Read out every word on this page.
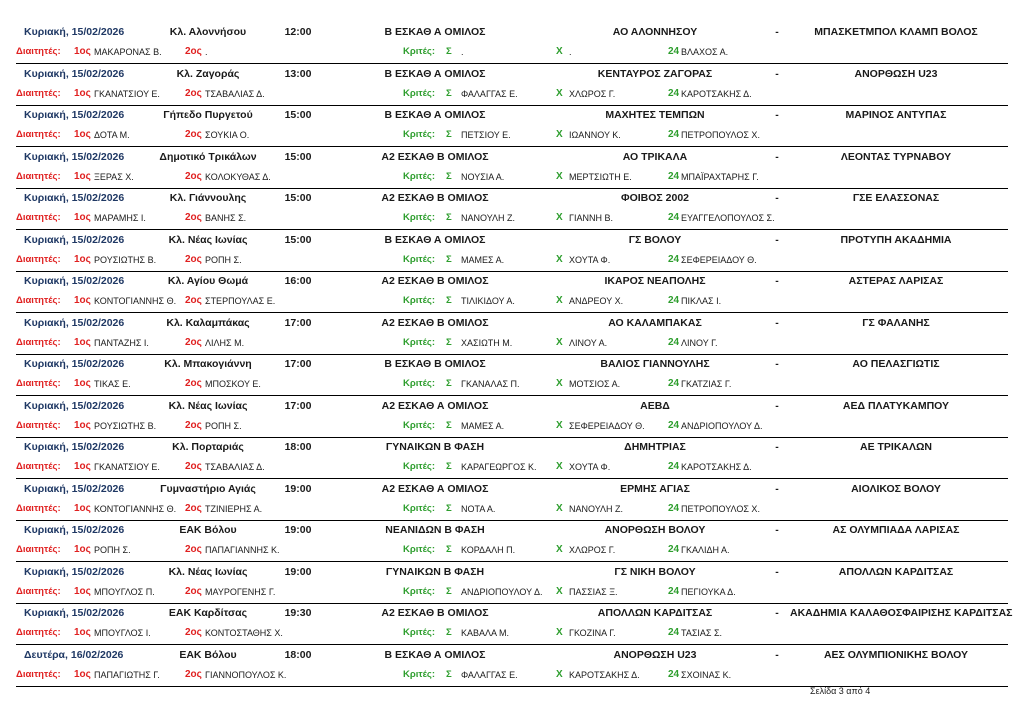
Κυριακή, 15/02/2026	Κλ. Αλοννήσου	12:00	Β ΕΣΚΑΘ Α ΟΜΙΛΟΣ	ΑΟ ΑΛΟΝΝΗΣΟΥ	-	ΜΠΑΣΚΕΤΜΠΟΛ ΚΛΑΜΠ ΒΟΛΟΣ
Διαιτητές: 1ος ΜΑΚΑΡΟΝΑΣ Β.	2ος .	Κριτές: Σ .	Χ .	24 ΒΛΑΧΟΣ Α.
Κυριακή, 15/02/2026	Κλ. Ζαγοράς	13:00	Β ΕΣΚΑΘ Α ΟΜΙΛΟΣ	ΚΕΝΤΑΥΡΟΣ ΖΑΓΟΡΑΣ	-	ΑΝΟΡΘΩΣΗ U23
Διαιτητές: 1ος ΓΚΑΝΑΤΣΙΟΥ Ε.	2ος ΤΣΑΒΑΛΙΑΣ Δ.	Κριτές: Σ ΦΑΛΑΓΓΑΣ Ε.	Χ ΧΛΩΡΟΣ Γ.	24 ΚΑΡΟΤΣΑΚΗΣ Δ.
Κυριακή, 15/02/2026	Γήπεδο Πυργετού	15:00	Β ΕΣΚΑΘ Α ΟΜΙΛΟΣ	ΜΑΧΗΤΕΣ ΤΕΜΠΩΝ	-	ΜΑΡΙΝΟΣ ΑΝΤΥΠΑΣ
Διαιτητές: 1ος ΔΟΤΑ Μ.	2ος ΣΟΥΚΙΑ Ο.	Κριτές: Σ ΠΕΤΣΙΟΥ Ε.	Χ ΙΩΑΝΝΟΥ Κ.	24 ΠΕΤΡΟΠΟΥΛΟΣ Χ.
Κυριακή, 15/02/2026	Δημοτικό Τρικάλων	15:00	Α2 ΕΣΚΑΘ Β ΟΜΙΛΟΣ	ΑΟ ΤΡΙΚΑΛΑ	-	ΛΕΟΝΤΑΣ ΤΥΡΝΑΒΟΥ
Διαιτητές: 1ος ΞΕΡΑΣ Χ.	2ος ΚΟΛΟΚΥΘΑΣ Δ.	Κριτές: Σ ΝΟΥΣΙΑ Α.	Χ ΜΕΡΤΣΙΩΤΗ Ε.	24 ΜΠΑΪΡΑΧΤΑΡΗΣ Γ.
Κυριακή, 15/02/2026	Κλ. Γιάννουλης	15:00	Α2 ΕΣΚΑΘ Β ΟΜΙΛΟΣ	ΦΟΙΒΟΣ 2002	-	ΓΣΕ ΕΛΑΣΣΟΝΑΣ
Διαιτητές: 1ος ΜΑΡΑΜΗΣ Ι.	2ος ΒΑΝΗΣ Σ.	Κριτές: Σ ΝΑΝΟΥΛΗ Ζ.	Χ ΓΙΑΝΝΗ Β.	24 ΕΥΑΓΓΕΛΟΠΟΥΛΟΣ Σ.
Κυριακή, 15/02/2026	Κλ. Νέας Ιωνίας	15:00	Β ΕΣΚΑΘ Α ΟΜΙΛΟΣ	ΓΣ ΒΟΛΟΥ	-	ΠΡΟΤΥΠΗ ΑΚΑΔΗΜΙΑ
Διαιτητές: 1ος ΡΟΥΣΙΩΤΗΣ Β.	2ος ΡΟΠΗ Σ.	Κριτές: Σ ΜΑΜΕΣ Α.	Χ ΧΟΥΤΑ Φ.	24 ΣΕΦΕΡΕΙΑΔΟΥ Θ.
Κυριακή, 15/02/2026	Κλ. Αγίου Θωμά	16:00	Α2 ΕΣΚΑΘ Β ΟΜΙΛΟΣ	ΙΚΑΡΟΣ ΝΕΑΠΟΛΗΣ	-	ΑΣΤΕΡΑΣ ΛΑΡΙΣΑΣ
Διαιτητές: 1ος ΚΟΝΤΟΓΙΑΝΝΗΣ Θ. 2ος ΣΤΕΡΠΟΥΛΑΣ Ε.	Κριτές: Σ ΤΙΛΙΚΙΔΟΥ Α.	Χ ΑΝΔΡΕΟΥ Χ.	24 ΠΙΚΛΑΣ Ι.
Κυριακή, 15/02/2026	Κλ. Καλαμπάκας	17:00	Α2 ΕΣΚΑΘ Β ΟΜΙΛΟΣ	ΑΟ ΚΑΛΑΜΠΑΚΑΣ	-	ΓΣ ΦΑΛΑΝΗΣ
Διαιτητές: 1ος ΠΑΝΤΑΖΗΣ Ι.	2ος ΛΙΛΗΣ Μ.	Κριτές: Σ ΧΑΣΙΩΤΗ Μ.	Χ ΛΙΝΟΥ Α.	24 ΛΙΝΟΥ Γ.
Κυριακή, 15/02/2026	Κλ. Μπακογιάννη	17:00	Β ΕΣΚΑΘ Β ΟΜΙΛΟΣ	ΒΑΛΙΟΣ ΓΙΑΝΝΟΥΛΗΣ	-	ΑΟ ΠΕΛΑΣΓΙΩΤΙΣ
Διαιτητές: 1ος ΤΙΚΑΣ Ε.	2ος ΜΠΟΣΚΟΥ Ε.	Κριτές: Σ ΓΚΑΝΑΛΑΣ Π.	Χ ΜΟΤΣΙΟΣ Α.	24 ΓΚΑΤΖΙΑΣ Γ.
Κυριακή, 15/02/2026	Κλ. Νέας Ιωνίας	17:00	Α2 ΕΣΚΑΘ Α ΟΜΙΛΟΣ	ΑΕΒΔ	-	ΑΕΔ ΠΛΑΤΥΚΑΜΠΟΥ
Διαιτητές: 1ος ΡΟΥΣΙΩΤΗΣ Β.	2ος ΡΟΠΗ Σ.	Κριτές: Σ ΜΑΜΕΣ Α.	Χ ΣΕΦΕΡΕΙΑΔΟΥ Θ.	24 ΑΝΔΡΙΟΠΟΥΛΟΥ Δ.
Κυριακή, 15/02/2026	Κλ. Πορταριάς	18:00	ΓΥΝΑΙΚΩΝ Β ΦΑΣΗ	ΔΗΜΗΤΡΙΑΣ	-	ΑΕ ΤΡΙΚΑΛΩΝ
Διαιτητές: 1ος ΓΚΑΝΑΤΣΙΟΥ Ε.	2ος ΤΣΑΒΑΛΙΑΣ Δ.	Κριτές: Σ ΚΑΡΑΓΕΩΡΓΟΣ Κ.	Χ ΧΟΥΤΑ Φ.	24 ΚΑΡΟΤΣΑΚΗΣ Δ.
Κυριακή, 15/02/2026	Γυμναστήριο Αγιάς	19:00	Α2 ΕΣΚΑΘ Α ΟΜΙΛΟΣ	ΕΡΜΗΣ ΑΓΙΑΣ	-	ΑΙΟΛΙΚΟΣ ΒΟΛΟΥ
Διαιτητές: 1ος ΚΟΝΤΟΓΙΑΝΝΗΣ Θ. 2ος ΤΖΙΝΙΕΡΗΣ Α.	Κριτές: Σ ΝΟΤΑ Α.	Χ ΝΑΝΟΥΛΗ Ζ.	24 ΠΕΤΡΟΠΟΥΛΟΣ Χ.
Κυριακή, 15/02/2026	ΕΑΚ Βόλου	19:00	ΝΕΑΝΙΔΩΝ Β ΦΑΣΗ	ΑΝΟΡΘΩΣΗ ΒΟΛΟΥ	-	ΑΣ ΟΛΥΜΠΙΑΔΑ ΛΑΡΙΣΑΣ
Διαιτητές: 1ος ΡΟΠΗ Σ.	2ος ΠΑΠΑΓΙΑΝΝΗΣ Κ.	Κριτές: Σ ΚΟΡΔΑΛΗ Π.	Χ ΧΛΩΡΟΣ Γ.	24 ΓΚΑΛΙΔΗ Α.
Κυριακή, 15/02/2026	Κλ. Νέας Ιωνίας	19:00	ΓΥΝΑΙΚΩΝ Β ΦΑΣΗ	ΓΣ ΝΙΚΗ ΒΟΛΟΥ	-	ΑΠΟΛΛΩΝ ΚΑΡΔΙΤΣΑΣ
Διαιτητές: 1ος ΜΠΟΥΓΛΟΣ Π.	2ος ΜΑΥΡΟΓΕΝΗΣ Γ.	Κριτές: Σ ΑΝΔΡΙΟΠΟΥΛΟΥ Δ.	Χ ΠΑΣΣΙΑΣ Ξ.	24 ΠΕΓΙΟΥΚΑ Δ.
Κυριακή, 15/02/2026	ΕΑΚ Καρδίτσας	19:30	Α2 ΕΣΚΑΘ Β ΟΜΙΛΟΣ	ΑΠΟΛΛΩΝ ΚΑΡΔΙΤΣΑΣ	-	ΑΚΑΔΗΜΙΑ ΚΑΛΑΘΟΣΦΑΙΡΙΣΗΣ ΚΑΡΔΙΤΣΑΣ
Διαιτητές: 1ος ΜΠΟΥΓΛΟΣ Ι.	2ος ΚΟΝΤΟΣΤΑΘΗΣ Χ.	Κριτές: Σ ΚΑΒΑΛΑ Μ.	Χ ΓΚΟΖΙΝΑ Γ.	24 ΤΑΣΙΑΣ Σ.
Δευτέρα, 16/02/2026	ΕΑΚ Βόλου	18:00	Β ΕΣΚΑΘ Α ΟΜΙΛΟΣ	ΑΝΟΡΘΩΣΗ U23	-	ΑΕΣ ΟΛΥΜΠΙΟΝΙΚΗΣ ΒΟΛΟΥ
Διαιτητές: 1ος ΠΑΠΑΓΙΩΤΗΣ Γ.	2ος ΓΙΑΝΝΟΠΟΥΛΟΣ Κ.	Κριτές: Σ ΦΑΛΑΓΓΑΣ Ε.	Χ ΚΑΡΟΤΣΑΚΗΣ Δ.	24 ΣΧΟΙΝΑΣ Κ.
Σελίδα 3 από 4
